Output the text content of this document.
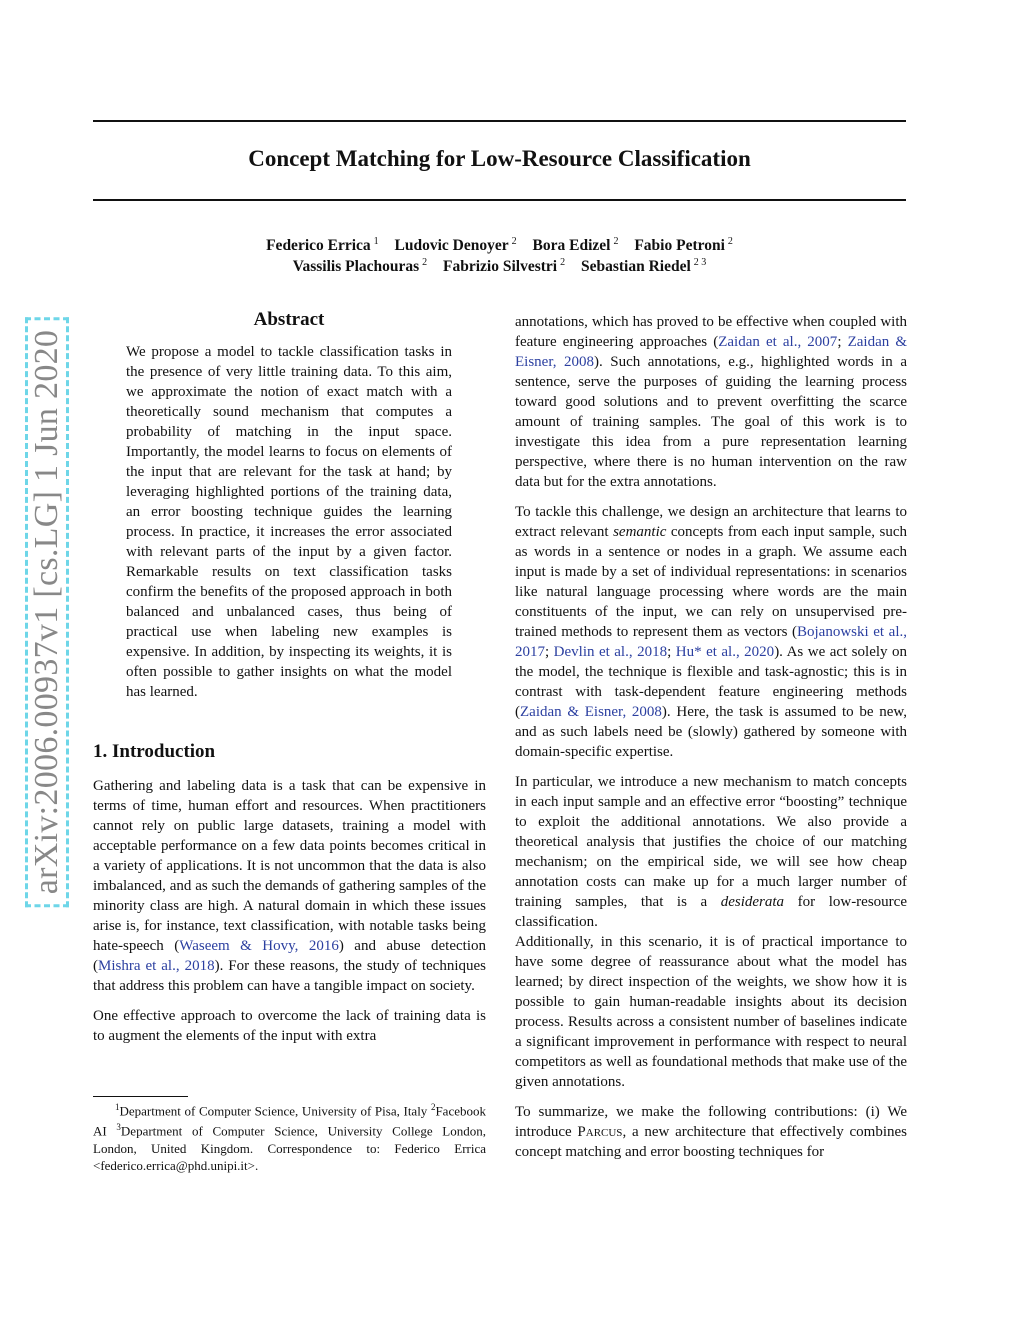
Concept Matching for Low-Resource Classification
Federico Errica $^1$ Ludovic Denoyer $^2$ Bora Edizel $^2$ Fabio Petroni $^2$
Vassilis Plachouras $^2$ Fabrizio Silvestri $^2$ Sebastian Riedel $^{2 3}$
arXiv:2006.00937v1 [cs.LG] 1 Jun 2020
Abstract

We propose a model to tackle classification tasks in the presence of very little training data. To this aim, we approximate the notion of exact match with a theoretically sound mechanism that computes a probability of matching in the input space. Importantly, the model learns to focus on elements of the input that are relevant for the task at hand; by leveraging highlighted portions of the training data, an error boosting technique guides the learning process. In practice, it increases the error associated with relevant parts of the input by a given factor. Remarkable results on text classification tasks confirm the benefits of the proposed approach in both balanced and unbalanced cases, thus being of practical use when labeling new examples is expensive. In addition, by inspecting its weights, it is often possible to gather insights on what the model has learned.

1. Introduction

Gathering and labeling data is a task that can be expensive in terms of time, human effort and resources. When practitioners cannot rely on public large datasets, training a model with acceptable performance on a few data points becomes critical in a variety of applications. It is not uncommon that the data is also imbalanced, and as such the demands of gathering samples of the minority class are high. A natural domain in which these issues arise is, for instance, text classification, with notable tasks being hate-speech (Waseem & Hovy, 2016) and abuse detection (Mishra et al., 2018). For these reasons, the study of techniques that address this problem can have a tangible impact on society.

One effective approach to overcome the lack of training data is to augment the elements of the input with extra

$^1$Department of Computer Science, University of Pisa, Italy $^2$Facebook AI $^3$Department of Computer Science, University College London, London, United Kingdom. Correspondence to: Federico Errica <federico.errica@phd.unipi.it>.

annotations, which has proved to be effective when coupled with feature engineering approaches (Zaidan et al., 2007; Zaidan & Eisner, 2008). Such annotations, e.g., highlighted words in a sentence, serve the purposes of guiding the learning process toward good solutions and to prevent overfitting the scarce amount of training samples. The goal of this work is to investigate this idea from a pure representation learning perspective, where there is no human intervention on the raw data but for the extra annotations.

To tackle this challenge, we design an architecture that learns to extract relevant semantic concepts from each input sample, such as words in a sentence or nodes in a graph. We assume each input is made by a set of individual representations: in scenarios like natural language processing where words are the main constituents of the input, we can rely on unsupervised pre-trained methods to represent them as vectors (Bojanowski et al., 2017; Devlin et al., 2018; Hu* et al., 2020). As we act solely on the model, the technique is flexible and task-agnostic; this is in contrast with task-dependent feature engineering methods (Zaidan & Eisner, 2008). Here, the task is assumed to be new, and as such labels need be (slowly) gathered by someone with domain-specific expertise.

In particular, we introduce a new mechanism to match concepts in each input sample and an effective error “boosting” technique to exploit the additional annotations. We also provide a theoretical analysis that justifies the choice of our matching mechanism; on the empirical side, we will see how cheap annotation costs can make up for a much larger number of training samples, that is a desiderata for low-resource classification.

Additionally, in this scenario, it is of practical importance to have some degree of reassurance about what the model has learned; by direct inspection of the weights, we show how it is possible to gain human-readable insights about its decision process. Results across a consistent number of baselines indicate a significant improvement in performance with respect to neural competitors as well as foundational methods that make use of the given annotations.

To summarize, we make the following contributions: (i) We introduce Parcus, a new architecture that effectively combines concept matching and error boosting techniques for
